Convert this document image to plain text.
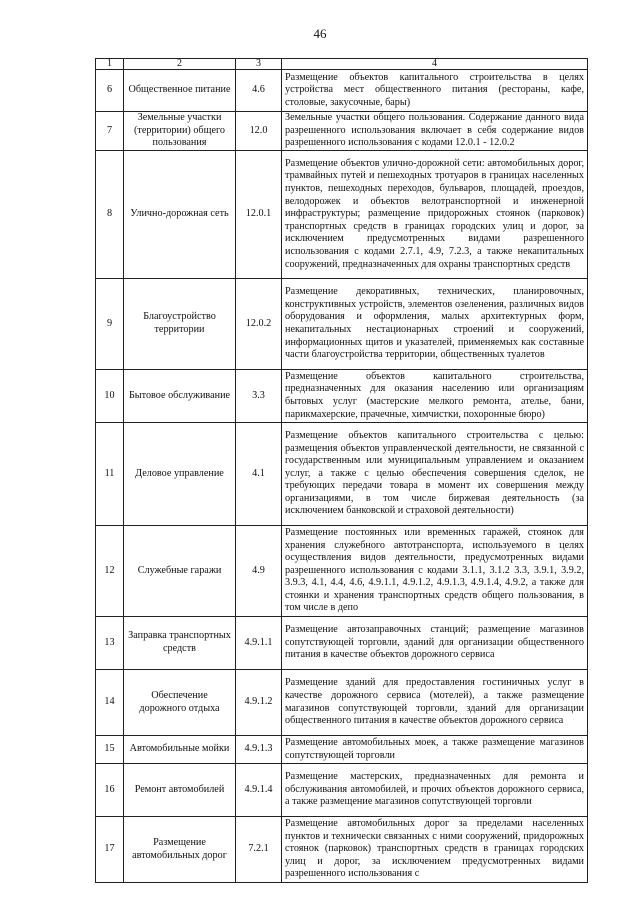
46
1	2	3	4
6	Общественное питание	4.6	Размещение объектов капитального строительства в целях устройства мест общественного питания (рестораны, кафе, столовые, закусочные, бары)
7	Земельные участки (территории) общего пользования	12.0	Земельные участки общего пользования. Содержание данного вида разрешенного использования включает в себя содержание видов разрешенного использования с кодами 12.0.1 - 12.0.2
8	Улично-дорожная сеть	12.0.1	Размещение объектов улично-дорожной сети: автомобильных дорог, трамвайных путей и пешеходных тротуаров в границах населенных пунктов, пешеходных переходов, бульваров, площадей, проездов, велодорожек и объектов велотранспортной и инженерной инфраструктуры; размещение придорожных стоянок (парковок) транспортных средств в границах городских улиц и дорог, за исключением предусмотренных видами разрешенного использования с кодами 2.7.1, 4.9, 7.2.3, а также некапитальных сооружений, предназначенных для охраны транспортных средств
9	Благоустройство территории	12.0.2	Размещение декоративных, технических, планировочных, конструктивных устройств, элементов озеленения, различных видов оборудования и оформления, малых архитектурных форм, некапитальных нестационарных строений и сооружений, информационных щитов и указателей, применяемых как составные части благоустройства территории, общественных туалетов
10	Бытовое обслуживание	3.3	Размещение объектов капитального строительства, предназначенных для оказания населению или организациям бытовых услуг (мастерские мелкого ремонта, ателье, бани, парикмахерские, прачечные, химчистки, похоронные бюро)
11	Деловое управление	4.1	Размещение объектов капитального строительства с целью: размещения объектов управленческой деятельности, не связанной с государственным или муниципальным управлением и оказанием услуг, а также с целью обеспечения совершения сделок, не требующих передачи товара в момент их совершения между организациями, в том числе биржевая деятельность (за исключением банковской и страховой деятельности)
12	Служебные гаражи	4.9	Размещение постоянных или временных гаражей, стоянок для хранения служебного автотранспорта, используемого в целях осуществления видов деятельности, предусмотренных видами разрешенного использования с кодами 3.1.1, 3.1.2 3.3, 3.9.1, 3.9.2, 3.9.3, 4.1, 4.4, 4.6, 4.9.1.1, 4.9.1.2, 4.9.1.3, 4.9.1.4, 4.9.2, а также для стоянки и хранения транспортных средств общего пользования, в том числе в депо
13	Заправка транспортных средств	4.9.1.1	Размещение автозаправочных станций; размещение магазинов сопутствующей торговли, зданий для организации общественного питания в качестве объектов дорожного сервиса
14	Обеспечение дорожного отдыха	4.9.1.2	Размещение зданий для предоставления гостиничных услуг в качестве дорожного сервиса (мотелей), а также размещение магазинов сопутствующей торговли, зданий для организации общественного питания в качестве объектов дорожного сервиса
15	Автомобильные мойки	4.9.1.3	Размещение автомобильных моек, а также размещение магазинов сопутствующей торговли
16	Ремонт автомобилей	4.9.1.4	Размещение мастерских, предназначенных для ремонта и обслуживания автомобилей, и прочих объектов дорожного сервиса, а также размещение магазинов сопутствующей торговли
17	Размещение автомобильных дорог	7.2.1	Размещение автомобильных дорог за пределами населенных пунктов и технически связанных с ними сооружений, придорожных стоянок (парковок) транспортных средств в границах городских улиц и дорог, за исключением предусмотренных видами разрешенного использования с
